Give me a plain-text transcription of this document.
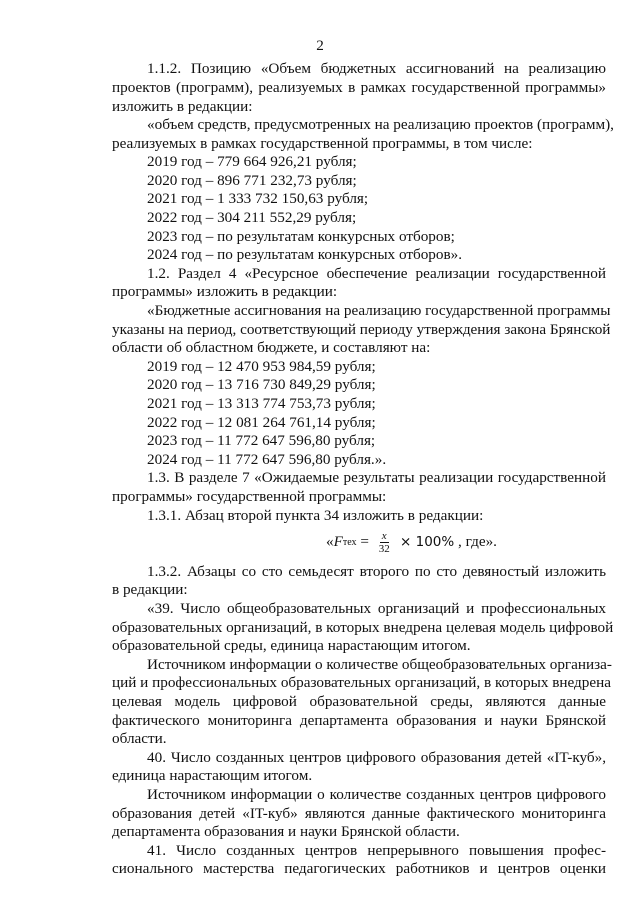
2
1.1.2. Позицию «Объем бюджетных ассигнований на реализацию
проектов (программ), реализуемых в рамках государственной программы»
изложить в редакции:
«объем средств, предусмотренных на реализацию проектов (программ),
реализуемых в рамках государственной программы, в том числе:
2019 год – 779 664 926,21 рубля;
2020 год – 896 771 232,73 рубля;
2021 год – 1 333 732 150,63 рубля;
2022 год – 304 211 552,29 рубля;
2023 год – по результатам конкурсных отборов;
2024 год – по результатам конкурсных отборов».
1.2. Раздел 4 «Ресурсное обеспечение реализации государственной
программы» изложить в редакции:
«Бюджетные ассигнования на реализацию государственной программы
указаны на период, соответствующий периоду утверждения закона Брянской
области об областном бюджете, и составляют на:
2019 год – 12 470 953 984,59 рубля;
2020 год – 13 716 730 849,29 рубля;
2021 год – 13 313 774 753,73 рубля;
2022 год – 12 081 264 761,14 рубля;
2023 год – 11 772 647 596,80 рубля;
2024 год – 11 772 647 596,80 рубля.».
1.3. В разделе 7 «Ожидаемые результаты реализации государственной
программы» государственной программы:
1.3.1. Абзац второй пункта 34 изложить в редакции:
« F тех = $\frac{x}{32} \times 100\%$ , где».
1.3.2. Абзацы со сто семьдесят второго по сто девяностый изложить
в редакции:
«39. Число общеобразовательных организаций и профессиональных
образовательных организаций, в которых внедрена целевая модель цифровой
образовательной среды, единица нарастающим итогом.
Источником информации о количестве общеобразовательных организа-
ций и профессиональных образовательных организаций, в которых внедрена
целевая модель цифровой образовательной среды, являются данные
фактического мониторинга департамента образования и науки Брянской
области.
40. Число созданных центров цифрового образования детей «IT-куб»,
единица нарастающим итогом.
Источником информации о количестве созданных центров цифрового
образования детей «IT-куб» являются данные фактического мониторинга
департамента образования и науки Брянской области.
41. Число созданных центров непрерывного повышения профес-
сионального мастерства педагогических работников и центров оценки
